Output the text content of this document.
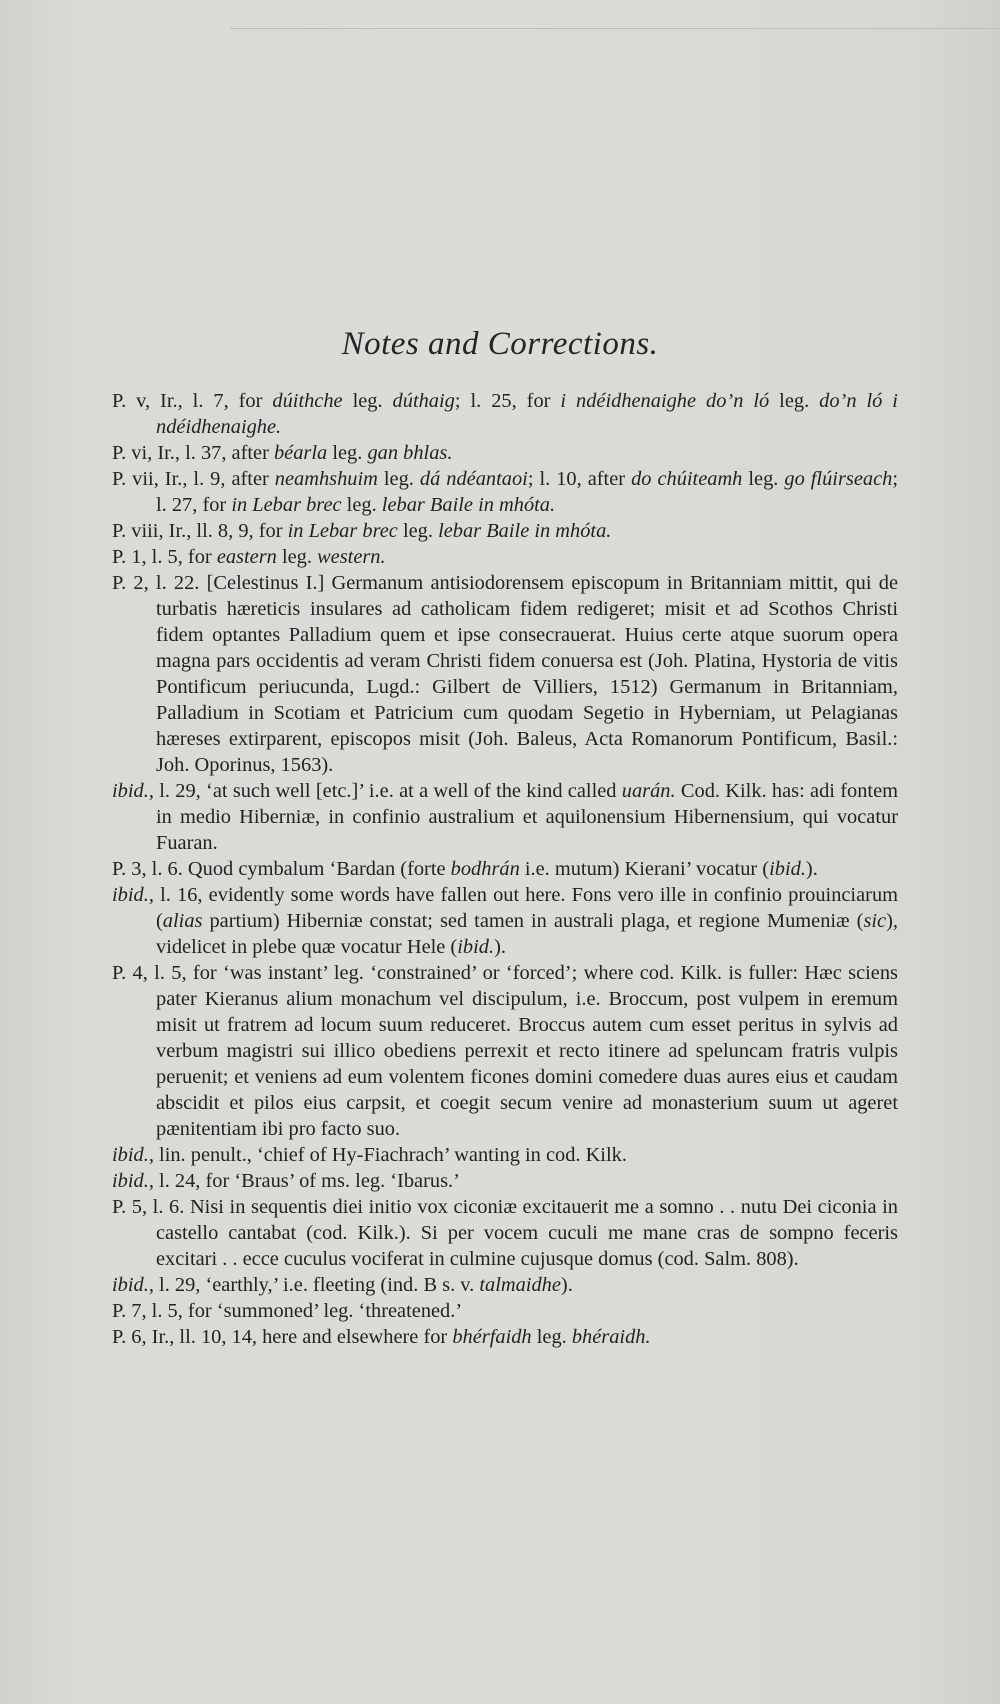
Notes and Corrections.

P. v, Ir., l. 7, for dúithche leg. dúthaig; l. 25, for i ndéidhenaighe do’n ló leg. do’n ló i ndéidhenaighe.

P. vi, Ir., l. 37, after béarla leg. gan bhlas.

P. vii, Ir., l. 9, after neamhshuim leg. dá ndéantaoi; l. 10, after do chúiteamh leg. go flúirseach; l. 27, for in Lebar brec leg. lebar Baile in mhóta.

P. viii, Ir., ll. 8, 9, for in Lebar brec leg. lebar Baile in mhóta.

P. 1, l. 5, for eastern leg. western.

P. 2, l. 22. [Celestinus I.] Germanum antisiodorensem episcopum in Britanniam mittit, qui de turbatis hæreticis insulares ad catholicam fidem redigeret; misit et ad Scothos Christi fidem optantes Palladium quem et ipse consecrauerat. Huius certe atque suorum opera magna pars occidentis ad veram Christi fidem conuersa est (Joh. Platina, Hystoria de vitis Pontificum periucunda, Lugd.: Gilbert de Villiers, 1512) Germanum in Britanniam, Palladium in Scotiam et Patricium cum quodam Segetio in Hyberniam, ut Pelagianas hæreses extirparent, episcopos misit (Joh. Baleus, Acta Romanorum Pontificum, Basil.: Joh. Oporinus, 1563).

ibid., l. 29, ‘at such well [etc.]’ i.e. at a well of the kind called uarán. Cod. Kilk. has: adi fontem in medio Hiberniæ, in confinio australium et aquilonensium Hibernensium, qui vocatur Fuaran.

P. 3, l. 6. Quod cymbalum ‘Bardan (forte bodhrán i.e. mutum) Kierani’ vocatur (ibid.).

ibid., l. 16, evidently some words have fallen out here. Fons vero ille in confinio prouinciarum (alias partium) Hiberniæ constat; sed tamen in australi plaga, et regione Mumeniæ (sic), videlicet in plebe quæ vocatur Hele (ibid.).

P. 4, l. 5, for ‘was instant’ leg. ‘constrained’ or ‘forced’; where cod. Kilk. is fuller: Hæc sciens pater Kieranus alium monachum vel discipulum, i.e. Broccum, post vulpem in eremum misit ut fratrem ad locum suum reduceret. Broccus autem cum esset peritus in sylvis ad verbum magistri sui illico obediens perrexit et recto itinere ad speluncam fratris vulpis peruenit; et veniens ad eum volentem ficones domini comedere duas aures eius et caudam abscidit et pilos eius carpsit, et coegit secum venire ad monasterium suum ut ageret pænitentiam ibi pro facto suo.

ibid., lin. penult., ‘chief of Hy-Fiachrach’ wanting in cod. Kilk.

ibid., l. 24, for ‘Braus’ of ms. leg. ‘Ibarus.’

P. 5, l. 6. Nisi in sequentis diei initio vox ciconiæ excitauerit me a somno . . nutu Dei ciconia in castello cantabat (cod. Kilk.). Si per vocem cuculi me mane cras de sompno feceris excitari . . ecce cuculus vociferat in culmine cujusque domus (cod. Salm. 808).

ibid., l. 29, ‘earthly,’ i.e. fleeting (ind. B s. v. talmaidhe).

P. 7, l. 5, for ‘summoned’ leg. ‘threatened.’

P. 6, Ir., ll. 10, 14, here and elsewhere for bhérfaidh leg. bhéraidh.
